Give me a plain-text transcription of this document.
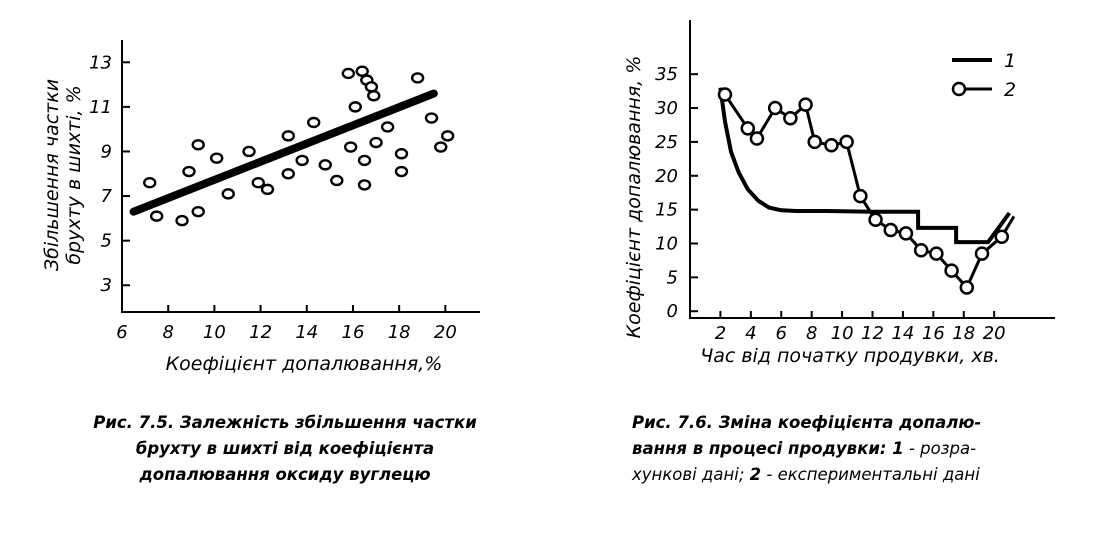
3
5
7
9
11
13
6 8 10 12 14 16 18 20
Збільшення частки брухту в шихті, %
Коефіцієнт допалювання,%
0
5
10
15
20
25
30
35
2 4 6 8 10 12 14 16 18 20
1
2
Коефіцієнт допалювання, %
Час від початку продувки, хв.
Рис. 7.5. Залежність збільшення частки
брухту в шихті від коефіцієнта
допалювання оксиду вуглецю
Рис. 7.6. Зміна коефіцієнта допалю-
вання в процесі продувки: 1 - розра-
хункові дані; 2 - експериментальні дані
